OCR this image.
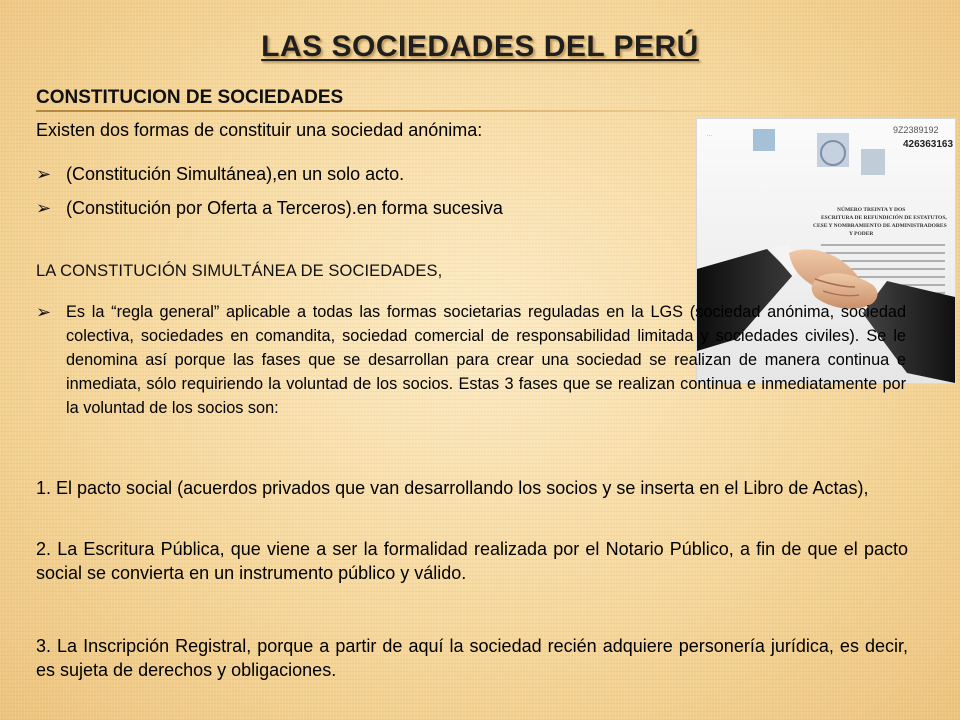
LAS SOCIEDADES DEL PERÚ
CONSTITUCION DE SOCIEDADES
Existen dos formas de constituir una sociedad anónima:
➢ (Constitución Simultánea),en un solo acto.
➢ (Constitución por Oferta a Terceros).en forma sucesiva
9Z2389192
426363163
···
NÚMERO TREINTA Y DOS
ESCRITURA DE REFUNDICIÓN DE ESTATUTOS,
CESE Y NOMBRAMIENTO DE ADMINISTRADORES
Y PODER
LA CONSTITUCIÓN SIMULTÁNEA DE SOCIEDADES,
➢ Es la “regla general” aplicable a todas las formas societarias reguladas en la LGS (sociedad anónima, sociedad colectiva, sociedades en comandita, sociedad comercial de responsabilidad limitada y sociedades civiles). Se le denomina así porque las fases que se desarrollan para crear una sociedad se realizan de manera continua e inmediata, sólo requiriendo la voluntad de los socios. Estas 3 fases que se realizan continua e inmediatamente por la voluntad de los socios son:
1. El pacto social (acuerdos privados que van desarrollando los socios y se inserta en el Libro de Actas),
2. La Escritura Pública, que viene a ser la formalidad realizada por el Notario Público, a fin de que el pacto social se convierta en un instrumento público y válido.
3. La Inscripción Registral, porque a partir de aquí la sociedad recién adquiere personería jurídica, es decir, es sujeta de derechos y obligaciones.
